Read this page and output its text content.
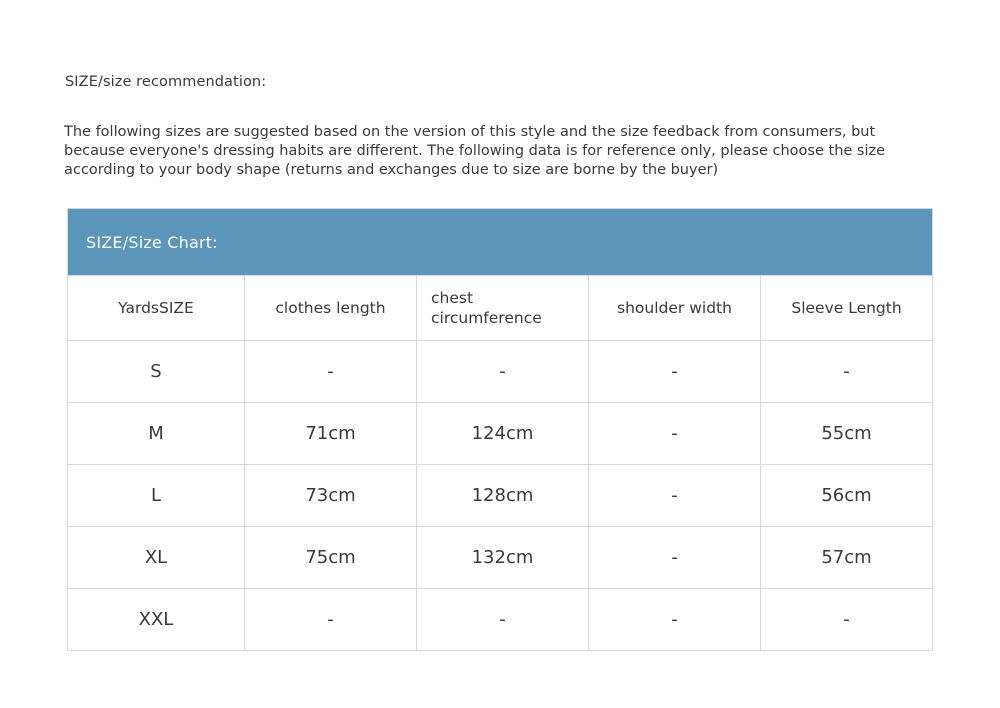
SIZE/size recommendation:

The following sizes are suggested based on the version of this style and the size feedback from consumers, but because everyone's dressing habits are different. The following data is for reference only, please choose the size according to your body shape (returns and exchanges due to size are borne by the buyer)

SIZE/Size Chart:				

YardsSIZE	clothes length	chest circumference	shoulder width	Sleeve Length
S	-	-	-	-
M	71cm	124cm	-	55cm
L	73cm	128cm	-	56cm
XL	75cm	132cm	-	57cm
XXL	-	-	-	-
